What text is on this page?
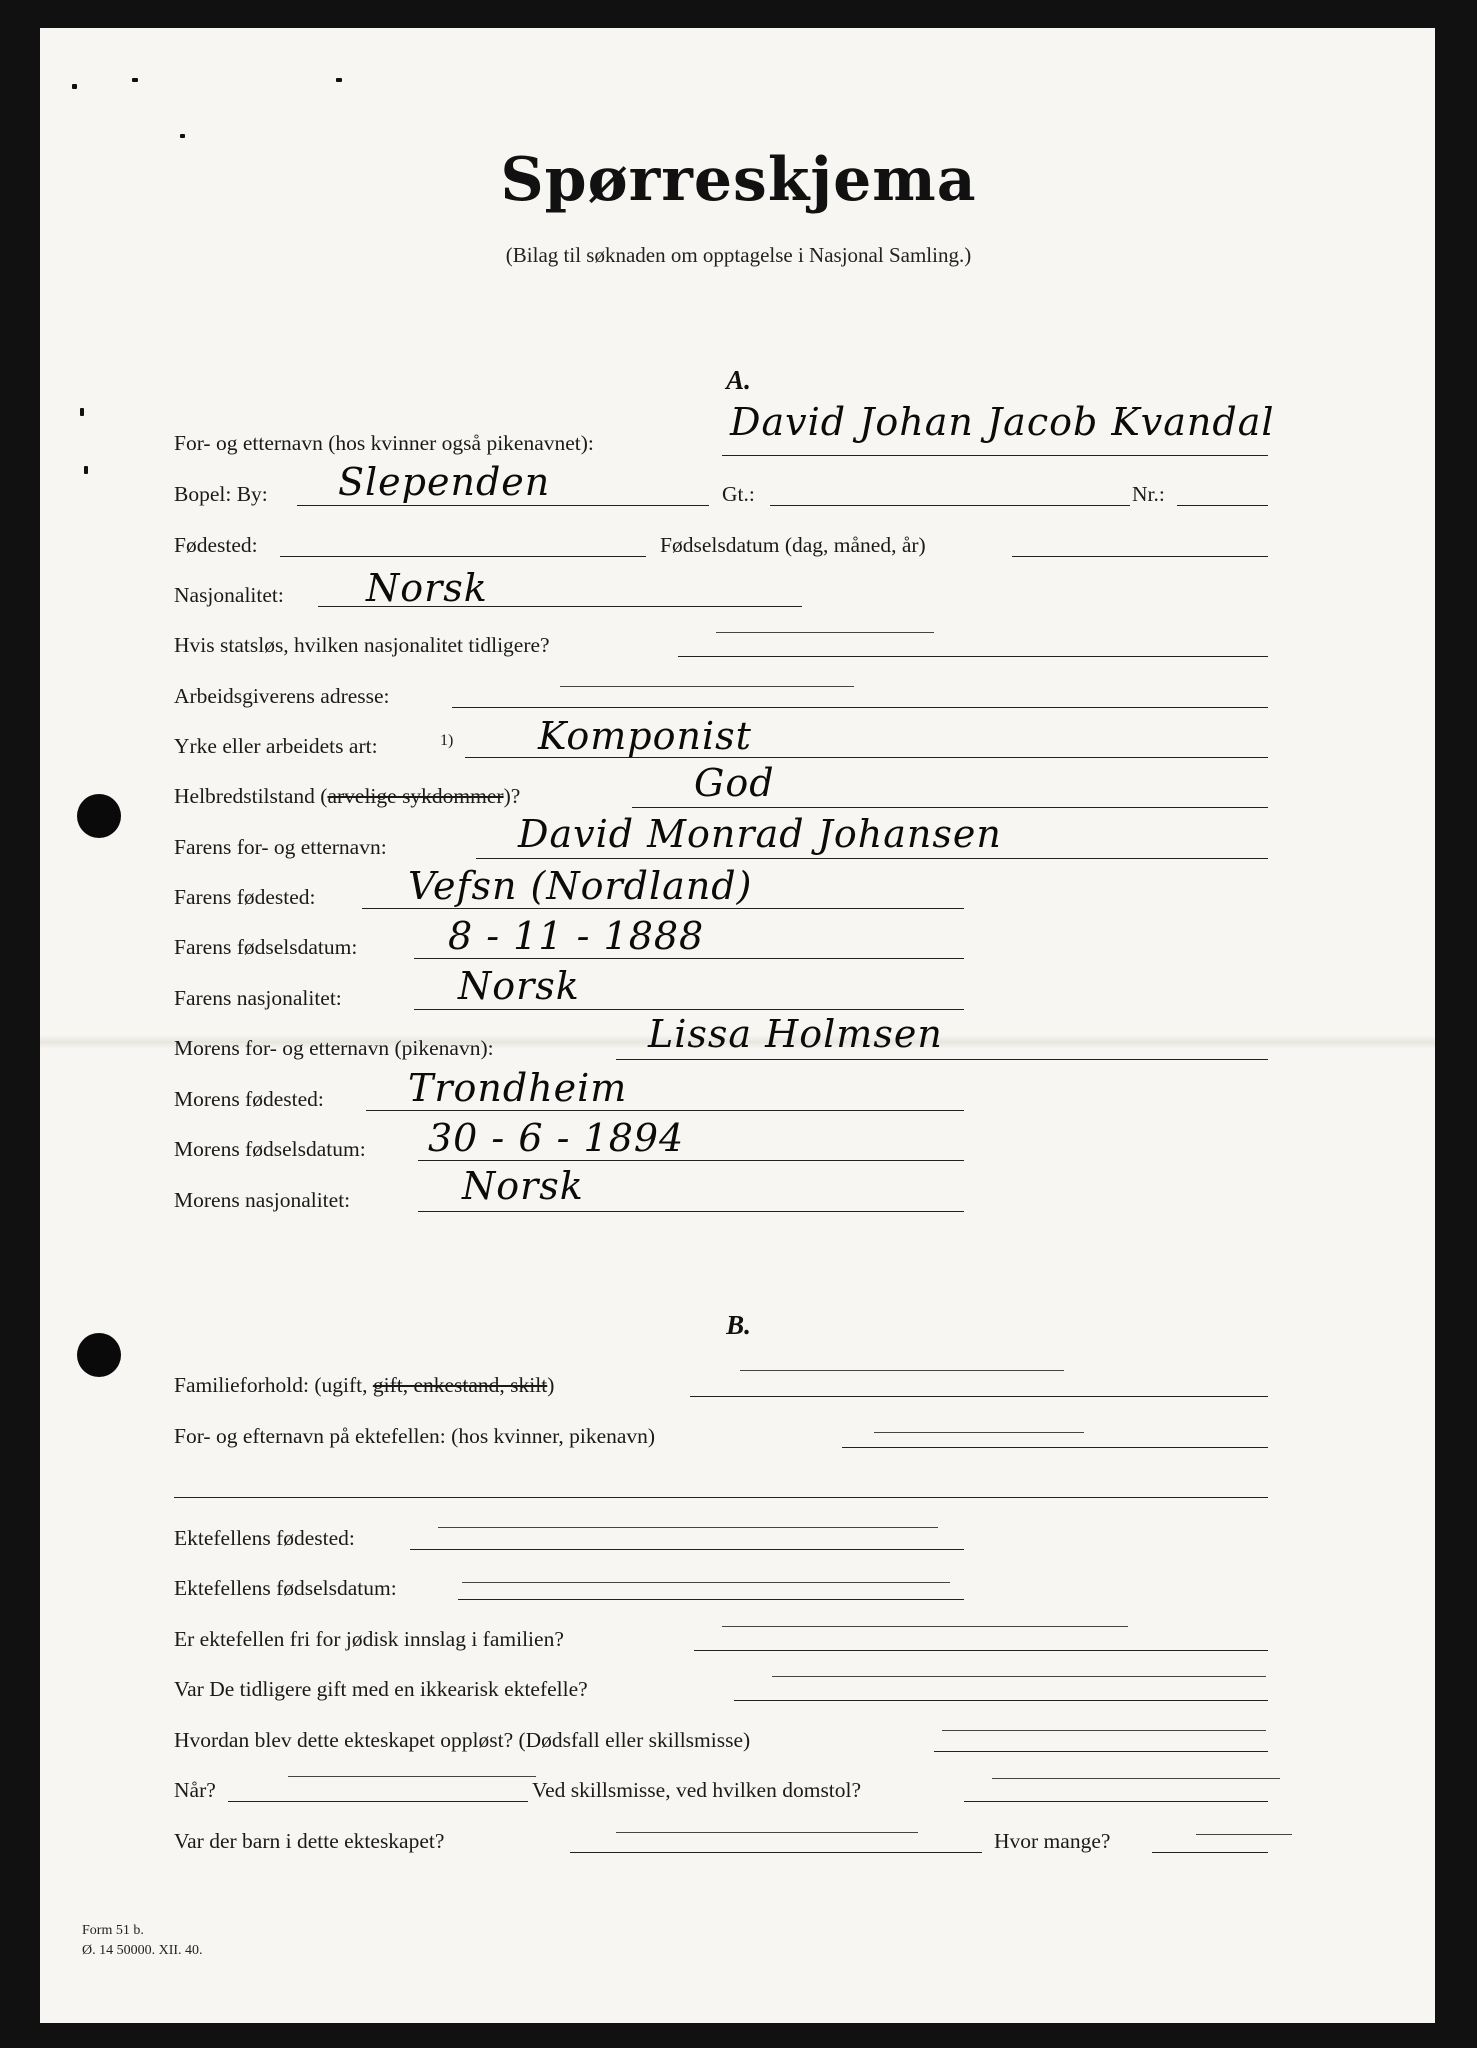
Spørreskjema
(Bilag til søknaden om opptagelse i Nasjonal Samling.)
A.
For- og etternavn (hos kvinner også pikenavnet):	David Johan Jacob Kvandal
Bopel: By: Slependen	Gt.:	Nr.:
Fødested:	Fødselsdatum (dag, måned, år)
Nasjonalitet: Norsk
Hvis statsløs, hvilken nasjonalitet tidligere?
Arbeidsgiverens adresse:
Yrke eller arbeidets art:	1) Komponist
Helbredstilstand (arvelige sykdommer)?	God
Farens for- og etternavn:	David Monrad Johansen
Farens fødested: Vefsn (Nordland)
Farens fødselsdatum: 8 - 11 - 1888
Farens nasjonalitet:	Norsk
Morens for- og etternavn (pikenavn):	Lissa Holmsen
Morens fødested: Trondheim
Morens fødselsdatum: 30 - 6 - 1894
Morens nasjonalitet:	Norsk
B.
Familieforhold: (ugift, gift, enkestand, skilt)
For- og efternavn på ektefellen: (hos kvinner, pikenavn)
Ektefellens fødested:
Ektefellens fødselsdatum:
Er ektefellen fri for jødisk innslag i familien?
Var De tidligere gift med en ikkearisk ektefelle?
Hvordan blev dette ekteskapet oppløst? (Dødsfall eller skillsmisse)
Når?	Ved skillsmisse, ved hvilken domstol?
Var der barn i dette ekteskapet?	Hvor mange?
Form 51 b.
Ø. 14 50000. XII. 40.
